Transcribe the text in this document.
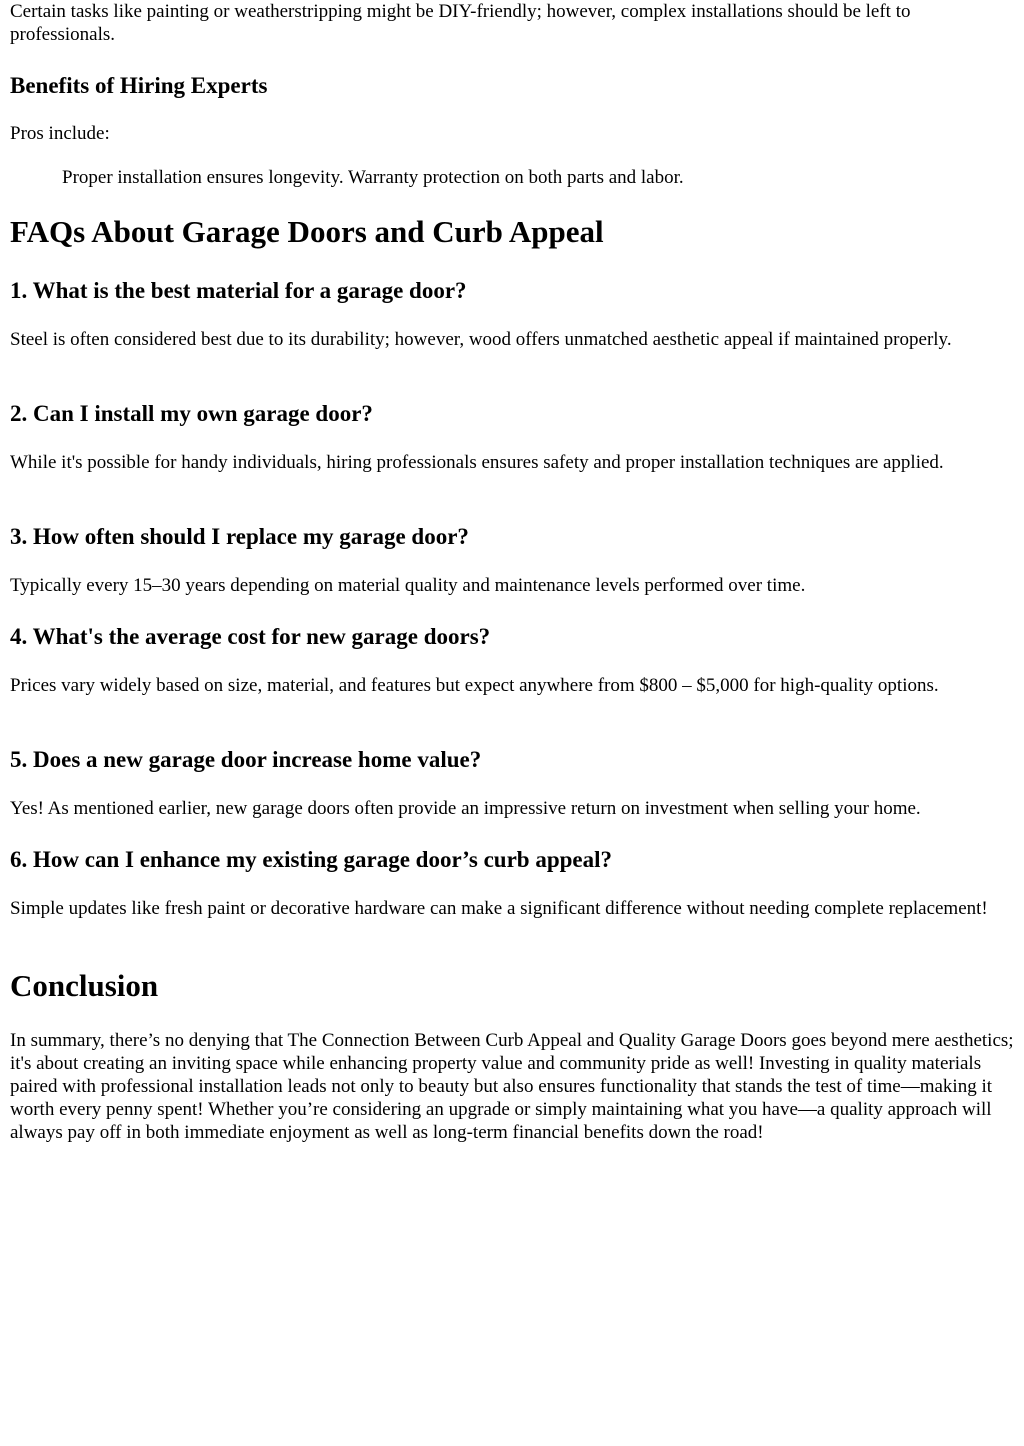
Certain tasks like painting or weatherstripping might be DIY-friendly; however, complex installations should be left to professionals.

Benefits of Hiring Experts

Pros include:

Proper installation ensures longevity. Warranty protection on both parts and labor.

FAQs About Garage Doors and Curb Appeal
1. What is the best material for a garage door?

Steel is often considered best due to its durability; however, wood offers unmatched aesthetic appeal if maintained properly.

2. Can I install my own garage door?

While it's possible for handy individuals, hiring professionals ensures safety and proper installation techniques are applied.

3. How often should I replace my garage door?

Typically every 15–30 years depending on material quality and maintenance levels performed over time.

4. What's the average cost for new garage doors?

Prices vary widely based on size, material, and features but expect anywhere from $800 – $5,000 for high-quality options.

5. Does a new garage door increase home value?

Yes! As mentioned earlier, new garage doors often provide an impressive return on investment when selling your home.

6. How can I enhance my existing garage door’s curb appeal?

Simple updates like fresh paint or decorative hardware can make a significant difference without needing complete replacement!

Conclusion

In summary, there’s no denying that The Connection Between Curb Appeal and Quality Garage Doors goes beyond mere aesthetics; it's about creating an inviting space while enhancing property value and community pride as well! Investing in quality materials paired with professional installation leads not only to beauty but also ensures functionality that stands the test of time—making it worth every penny spent! Whether you’re considering an upgrade or simply maintaining what you have—a quality approach will always pay off in both immediate enjoyment as well as long-term financial benefits down the road!
